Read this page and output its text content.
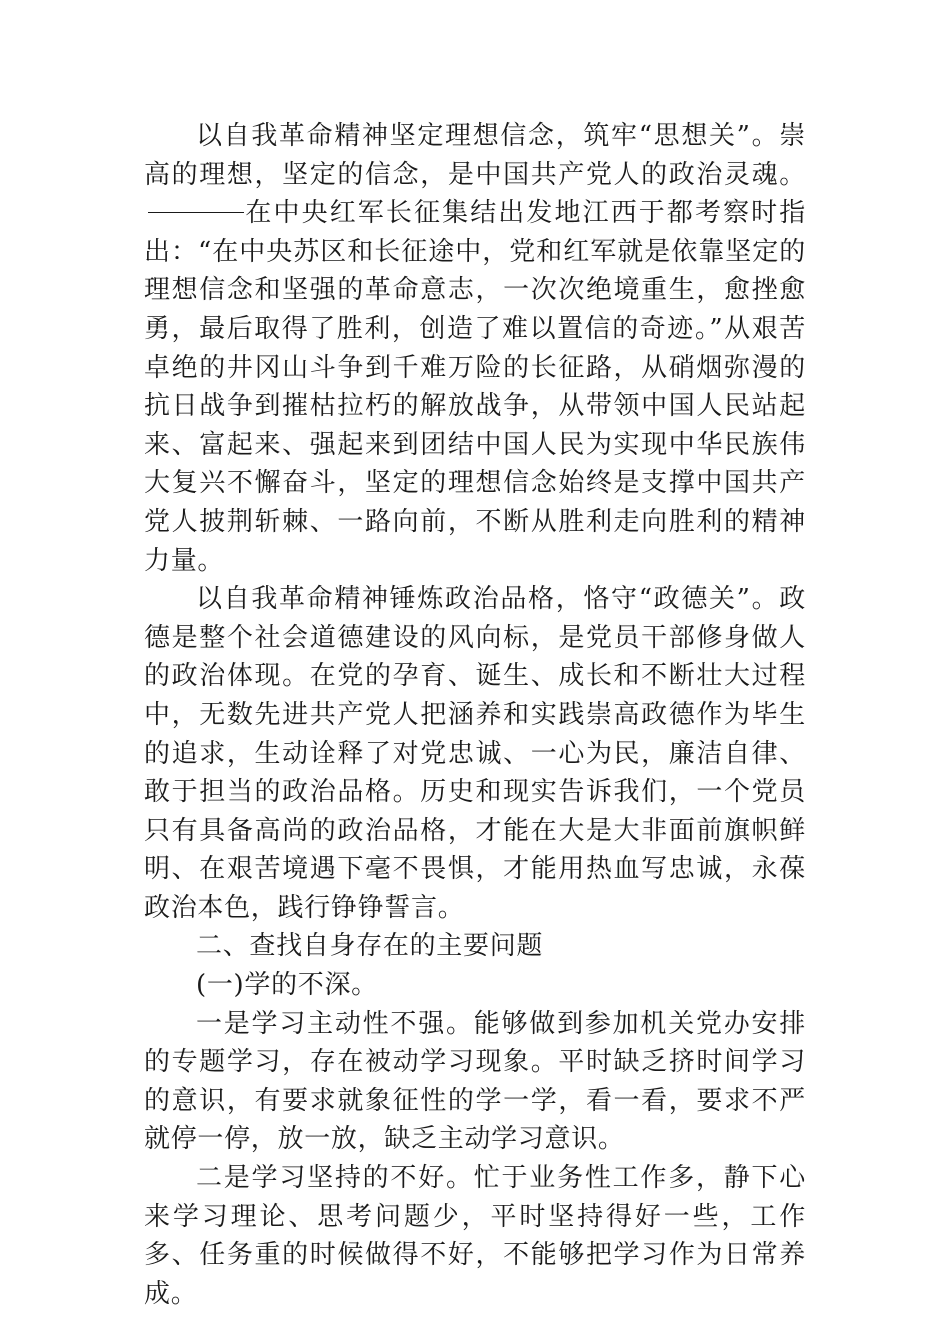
以自我革命精神坚定理想信念，筑牢“思想关”。崇高的理想，坚定的信念，是中国共产党人的政治灵魂。在中央红军长征集结出发地江西于都考察时指出：“在中央苏区和长征途中，党和红军就是依靠坚定的理想信念和坚强的革命意志，一次次绝境重生，愈挫愈勇，最后取得了胜利，创造了难以置信的奇迹。”从艰苦卓绝的井冈山斗争到千难万险的长征路，从硝烟弥漫的抗日战争到摧枯拉朽的解放战争，从带领中国人民站起来、富起来、强起来到团结中国人民为实现中华民族伟大复兴不懈奋斗，坚定的理想信念始终是支撑中国共产党人披荆斩棘、一路向前，不断从胜利走向胜利的精神力量。

以自我革命精神锤炼政治品格，恪守“政德关”。政德是整个社会道德建设的风向标，是党员干部修身做人的政治体现。在党的孕育、诞生、成长和不断壮大过程中，无数先进共产党人把涵养和实践崇高政德作为毕生的追求，生动诠释了对党忠诚、一心为民，廉洁自律、敢于担当的政治品格。历史和现实告诉我们，一个党员只有具备高尚的政治品格，才能在大是大非面前旗帜鲜明、在艰苦境遇下毫不畏惧，才能用热血写忠诚，永葆政治本色，践行铮铮誓言。

二、查找自身存在的主要问题

(一)学的不深。

一是学习主动性不强。能够做到参加机关党办安排的专题学习，存在被动学习现象。平时缺乏挤时间学习的意识，有要求就象征性的学一学，看一看，要求不严就停一停，放一放，缺乏主动学习意识。

二是学习坚持的不好。忙于业务性工作多，静下心来学习理论、思考问题少，平时坚持得好一些，工作多、任务重的时候做得不好，不能够把学习作为日常养成。
